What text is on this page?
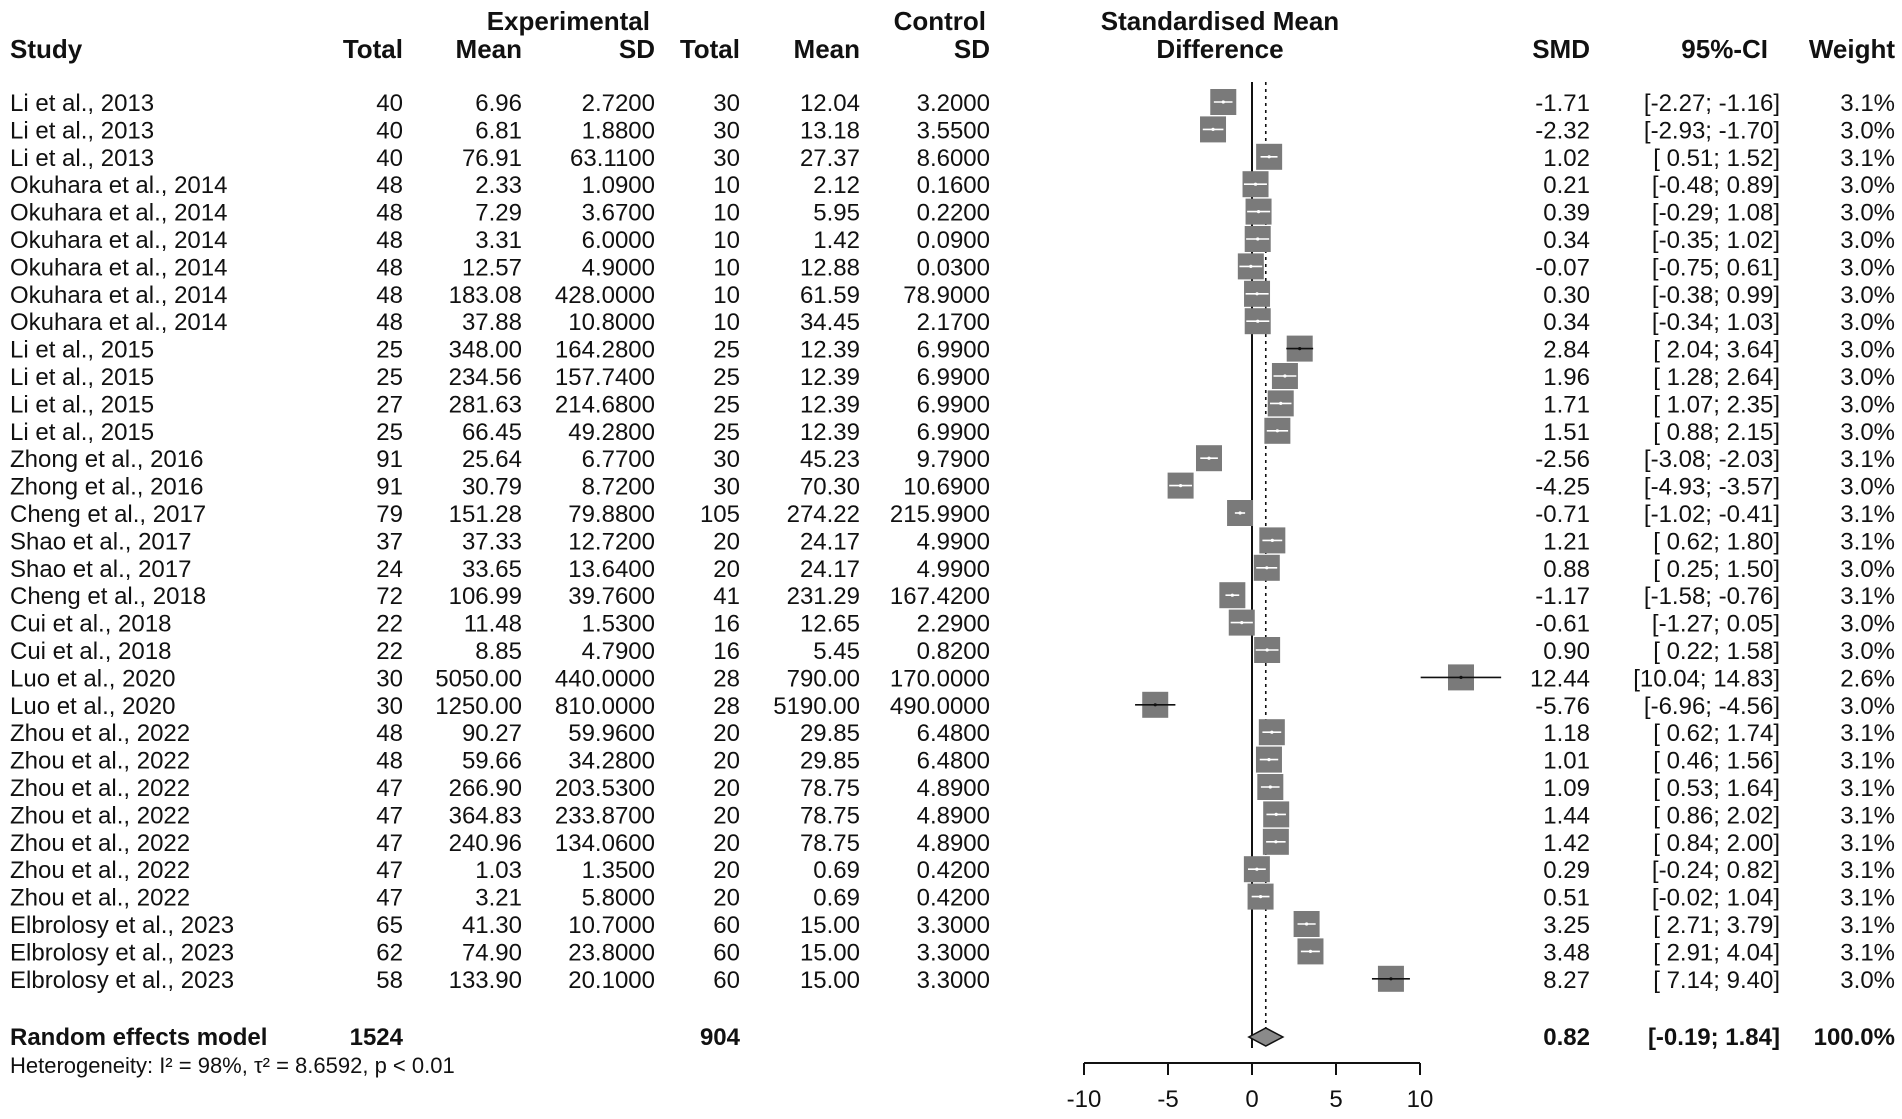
Experimental	Control	Standardised Mean
Study	Total Mean	SD Total Mean	SD	Difference	SMD	95%-CI Weight
Li et al., 2013	40	6.96 2.7200 30 12.04 3.2000	-1.71 [-2.27; -1.16]	3.1%
Li et al., 2013	40	6.81 1.8800 30 13.18 3.5500	-2.32 [-2.93; -1.70]	3.0%
Li et al., 2013	40 76.91 63.1100 30 27.37 8.6000	1.02	[ 0.51; 1.52]	3.1%
Okuhara et al., 2014	48	2.33 1.0900 10	2.12 0.1600	0.21	[-0.48; 0.89]	3.0%
Okuhara et al., 2014	48	7.29 3.6700 10	5.95 0.2200	0.39	[-0.29; 1.08]	3.0%
Okuhara et al., 2014	48	3.31 6.0000 10	1.42 0.0900	0.34	[-0.35; 1.02]	3.0%
Okuhara et al., 2014	48 12.57 4.9000 10 12.88 0.0300	-0.07	[-0.75; 0.61]	3.0%
Okuhara et al., 2014	48 183.08 428.0000 10 61.59 78.9000	0.30	[-0.38; 0.99]	3.0%
Okuhara et al., 2014	48 37.88 10.8000 10 34.45 2.1700	0.34	[-0.34; 1.03]	3.0%
Li et al., 2015	25 348.00 164.2800 25 12.39 6.9900	2.84	[ 2.04; 3.64]	3.0%
Li et al., 2015	25 234.56 157.7400 25 12.39 6.9900	1.96	[ 1.28; 2.64]	3.0%
Li et al., 2015	27 281.63 214.6800 25 12.39 6.9900	1.71	[ 1.07; 2.35]	3.0%
Li et al., 2015	25 66.45 49.2800 25 12.39 6.9900	1.51	[ 0.88; 2.15]	3.0%
Zhong et al., 2016	91 25.64 6.7700 30 45.23 9.7900	-2.56 [-3.08; -2.03]	3.1%
Zhong et al., 2016	91 30.79 8.7200 30 70.30 10.6900	-4.25 [-4.93; -3.57]	3.0%
Cheng et al., 2017	79 151.28 79.8800 105 274.22 215.9900	-0.71 [-1.02; -0.41]	3.1%
Shao et al., 2017	37 37.33 12.7200 20 24.17 4.9900	1.21	[ 0.62; 1.80]	3.1%
Shao et al., 2017	24 33.65 13.6400 20 24.17 4.9900	0.88	[ 0.25; 1.50]	3.0%
Cheng et al., 2018	72 106.99 39.7600 41 231.29 167.4200	-1.17 [-1.58; -0.76]	3.1%
Cui et al., 2018	22	11.48 1.5300 16 12.65 2.2900	-0.61	[-1.27; 0.05]	3.0%
Cui et al., 2018	22	8.85 4.7900 16	5.45 0.8200	0.90	[ 0.22; 1.58]	3.0%
Luo et al., 2020	30 5050.00 440.0000 28 790.00 170.0000	12.44 [10.04; 14.83]	2.6%
Luo et al., 2020	30 1250.00 810.0000 28 5190.00 490.0000	-5.76 [-6.96; -4.56]	3.0%
Zhou et al., 2022	48 90.27 59.9600 20 29.85 6.4800	1.18	[ 0.62; 1.74]	3.1%
Zhou et al., 2022	48 59.66 34.2800 20 29.85 6.4800	1.01	[ 0.46; 1.56]	3.1%
Zhou et al., 2022	47 266.90 203.5300 20 78.75 4.8900	1.09	[ 0.53; 1.64]	3.1%
Zhou et al., 2022	47 364.83 233.8700 20 78.75 4.8900	1.44	[ 0.86; 2.02]	3.1%
Zhou et al., 2022	47 240.96 134.0600 20 78.75 4.8900	1.42	[ 0.84; 2.00]	3.1%
Zhou et al., 2022	47	1.03 1.3500 20	0.69 0.4200	0.29	[-0.24; 0.82]	3.1%
Zhou et al., 2022	47	3.21 5.8000 20	0.69 0.4200	0.51	[-0.02; 1.04]	3.1%
Elbrolosy et al., 2023	65 41.30 10.7000 60 15.00 3.3000	3.25	[ 2.71; 3.79]	3.1%
Elbrolosy et al., 2023	62 74.90 23.8000 60 15.00 3.3000	3.48	[ 2.91; 4.04]	3.1%
Elbrolosy et al., 2023	58 133.90 20.1000 60 15.00 3.3000	8.27	[ 7.14; 9.40]	3.0%
Random effects model	1524	904	0.82 [-0.19; 1.84] 100.0%
Heterogeneity: I² = 98%, τ² = 8.6592, p < 0.01
-10 -5	0	5	10
